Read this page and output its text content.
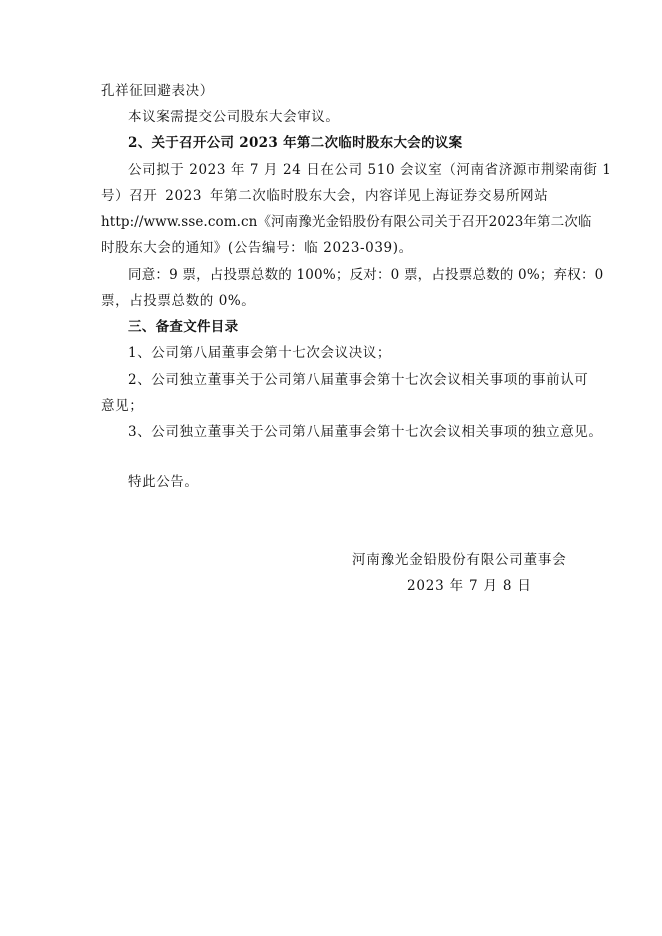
孔祥征回避表决）
本议案需提交公司股东大会审议。
2、关于召开公司 2023 年第二次临时股东大会的议案
公司拟于 2023 年 7 月 24 日在公司 510 会议室（河南省济源市荆梁南街 1
号）召开 2023 年第二次临时股东大会，内容详见上海证券交易所网站
http://www.sse.com.cn《河南豫光金铅股份有限公司关于召开2023年第二次临
时股东大会的通知》(公告编号：临 2023-039)。
同意：9 票，占投票总数的 100%；反对：0 票，占投票总数的 0%；弃权：0
票，占投票总数的 0%。
三、备查文件目录
1、公司第八届董事会第十七次会议决议；
2、公司独立董事关于公司第八届董事会第十七次会议相关事项的事前认可
意见；
3、公司独立董事关于公司第八届董事会第十七次会议相关事项的独立意见。
特此公告。
河南豫光金铅股份有限公司董事会
2023 年 7 月 8 日
